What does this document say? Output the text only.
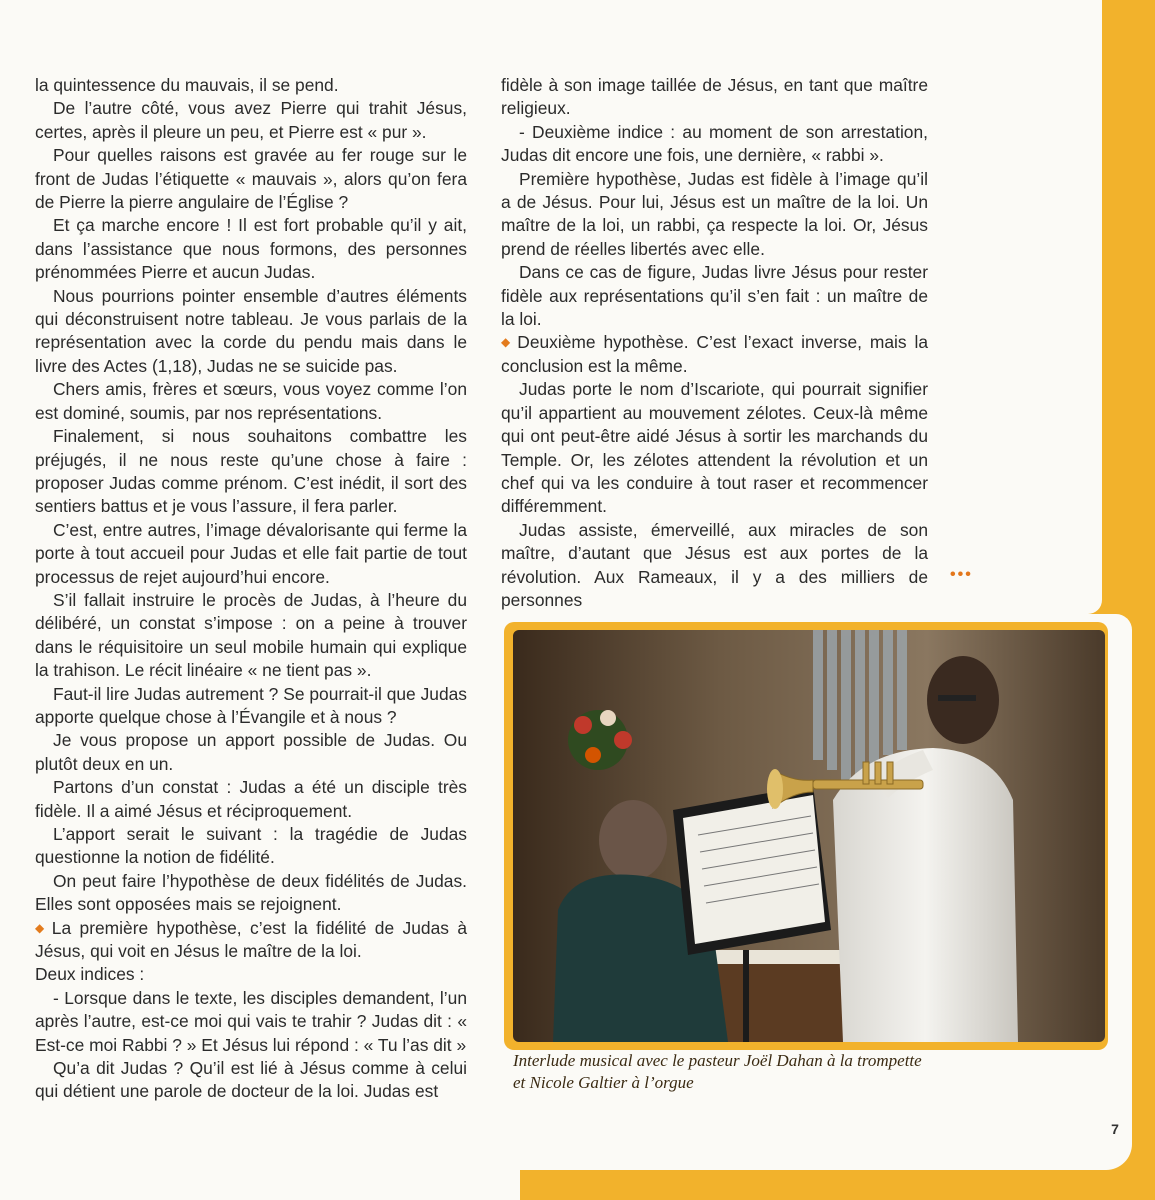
la quintessence du mauvais, il se pend.

De l’autre côté, vous avez Pierre qui trahit Jésus, certes, après il pleure un peu, et Pierre est « pur ».

Pour quelles raisons est gravée au fer rouge sur le front de Judas l’étiquette « mauvais », alors qu’on fera de Pierre la pierre angulaire de l’Église ?

Et ça marche encore ! Il est fort probable qu’il y ait, dans l’assistance que nous formons, des personnes prénommées Pierre et aucun Judas.

Nous pourrions pointer ensemble d’autres éléments qui déconstruisent notre tableau. Je vous parlais de la représentation avec la corde du pendu mais dans le livre des Actes (1,18), Judas ne se suicide pas.

Chers amis, frères et sœurs, vous voyez comme l’on est dominé, soumis, par nos représentations.

Finalement, si nous souhaitons combattre les préjugés, il ne nous reste qu’une chose à faire : proposer Judas comme prénom. C’est inédit, il sort des sentiers battus et je vous l’assure, il fera parler.

C’est, entre autres, l’image dévalorisante qui ferme la porte à tout accueil pour Judas et elle fait partie de tout processus de rejet aujourd’hui encore.

S’il fallait instruire le procès de Judas, à l’heure du délibéré, un constat s’impose : on a peine à trouver dans le réquisitoire un seul mobile humain qui explique la trahison. Le récit linéaire « ne tient pas ».

Faut-il lire Judas autrement ? Se pourrait-il que Judas apporte quelque chose à l’Évangile et à nous ?

Je vous propose un apport possible de Judas. Ou plutôt deux en un.

Partons d’un constat : Judas a été un disciple très fidèle. Il a aimé Jésus et réciproquement.

L’apport serait le suivant : la tragédie de Judas questionne la notion de fidélité.

On peut faire l’hypothèse de deux fidélités de Judas. Elles sont opposées mais se rejoignent.

◆ La première hypothèse, c’est la fidélité de Judas à Jésus, qui voit en Jésus le maître de la loi.

Deux indices :

- Lorsque dans le texte, les disciples demandent, l’un après l’autre, est-ce moi qui vais te trahir ? Judas dit : « Est-ce moi Rabbi ? » Et Jésus lui répond : « Tu l’as dit »

Qu’a dit Judas ? Qu’il est lié à Jésus comme à celui qui détient une parole de docteur de la loi. Judas est

fidèle à son image taillée de Jésus, en tant que maître religieux.

- Deuxième indice : au moment de son arrestation, Judas dit encore une fois, une dernière, « rabbi ».

Première hypothèse, Judas est fidèle à l’image qu’il a de Jésus. Pour lui, Jésus est un maître de la loi. Un maître de la loi, un rabbi, ça respecte la loi. Or, Jésus prend de réelles libertés avec elle.

Dans ce cas de figure, Judas livre Jésus pour rester fidèle aux représentations qu’il s’en fait : un maître de la loi.

◆ Deuxième hypothèse. C’est l’exact inverse, mais la conclusion est la même.

Judas porte le nom d’Iscariote, qui pourrait signifier qu’il appartient au mouvement zélotes. Ceux-là même qui ont peut-être aidé Jésus à sortir les marchands du Temple. Or, les zélotes attendent la révolution et un chef qui va les conduire à tout raser et recommencer différemment.

Judas assiste, émerveillé, aux miracles de son maître, d’autant que Jésus est aux portes de la révolution. Aux Rameaux, il y a des milliers de personnes

•••
Interlude musical avec le pasteur Joël Dahan à la trompette
et Nicole Galtier à l’orgue
7
